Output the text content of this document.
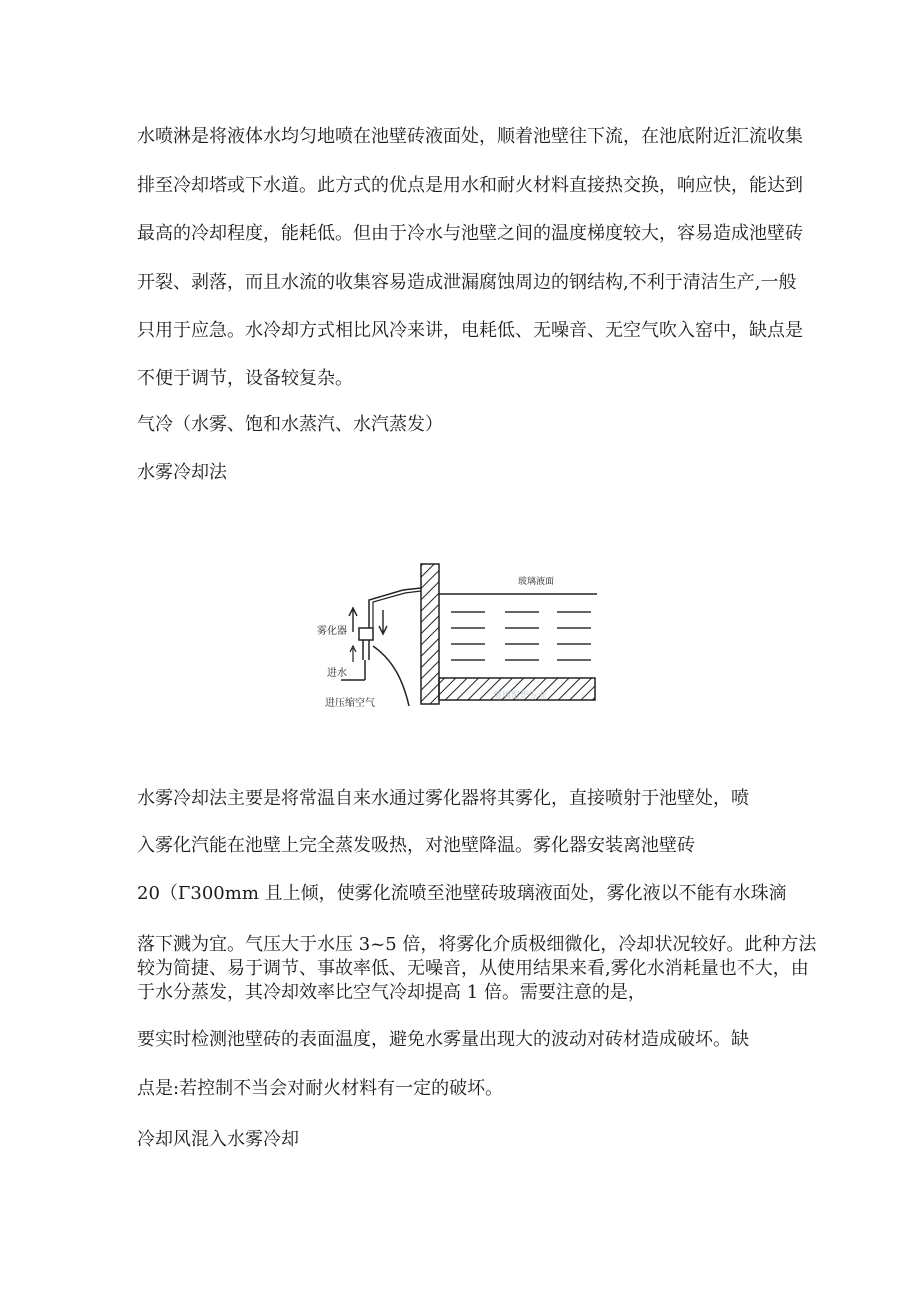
水喷淋是将液体水均匀地喷在池壁砖液面处，顺着池壁往下流，在池底附近汇流收集
排至冷却塔或下水道。此方式的优点是用水和耐火材料直接热交换，响应快，能达到
最高的冷却程度，能耗低。但由于冷水与池壁之间的温度梯度较大，容易造成池壁砖
开裂、剥落，而且水流的收集容易造成泄漏腐蚀周边的钢结构,不利于清洁生产,一般
只用于应急。水冷却方式相比风冷来讲，电耗低、无噪音、无空气吹入窑中，缺点是
不便于调节，设备较复杂。
气冷（水雾、饱和水蒸汽、水汽蒸发）
水雾冷却法
玻璃液面
雾化器
进水
进压缩空气
玻璃窑炉专业
水雾冷却法主要是将常温自来水通过雾化器将其雾化，直接喷射于池壁处，喷
入雾化汽能在池壁上完全蒸发吸热，对池壁降温。雾化器安装离池壁砖
20（Γ300mm 且上倾，使雾化流喷至池壁砖玻璃液面处，雾化液以不能有水珠滴
落下溅为宜。气压大于水压 3~5 倍，将雾化介质极细微化，冷却状况较好。此种方法
较为简捷、易于调节、事故率低、无噪音，从使用结果来看,雾化水消耗量也不大，由
于水分蒸发，其冷却效率比空气冷却提高 1 倍。需要注意的是，
要实时检测池壁砖的表面温度，避免水雾量出现大的波动对砖材造成破坏。缺
点是:若控制不当会对耐火材料有一定的破坏。
冷却风混入水雾冷却
